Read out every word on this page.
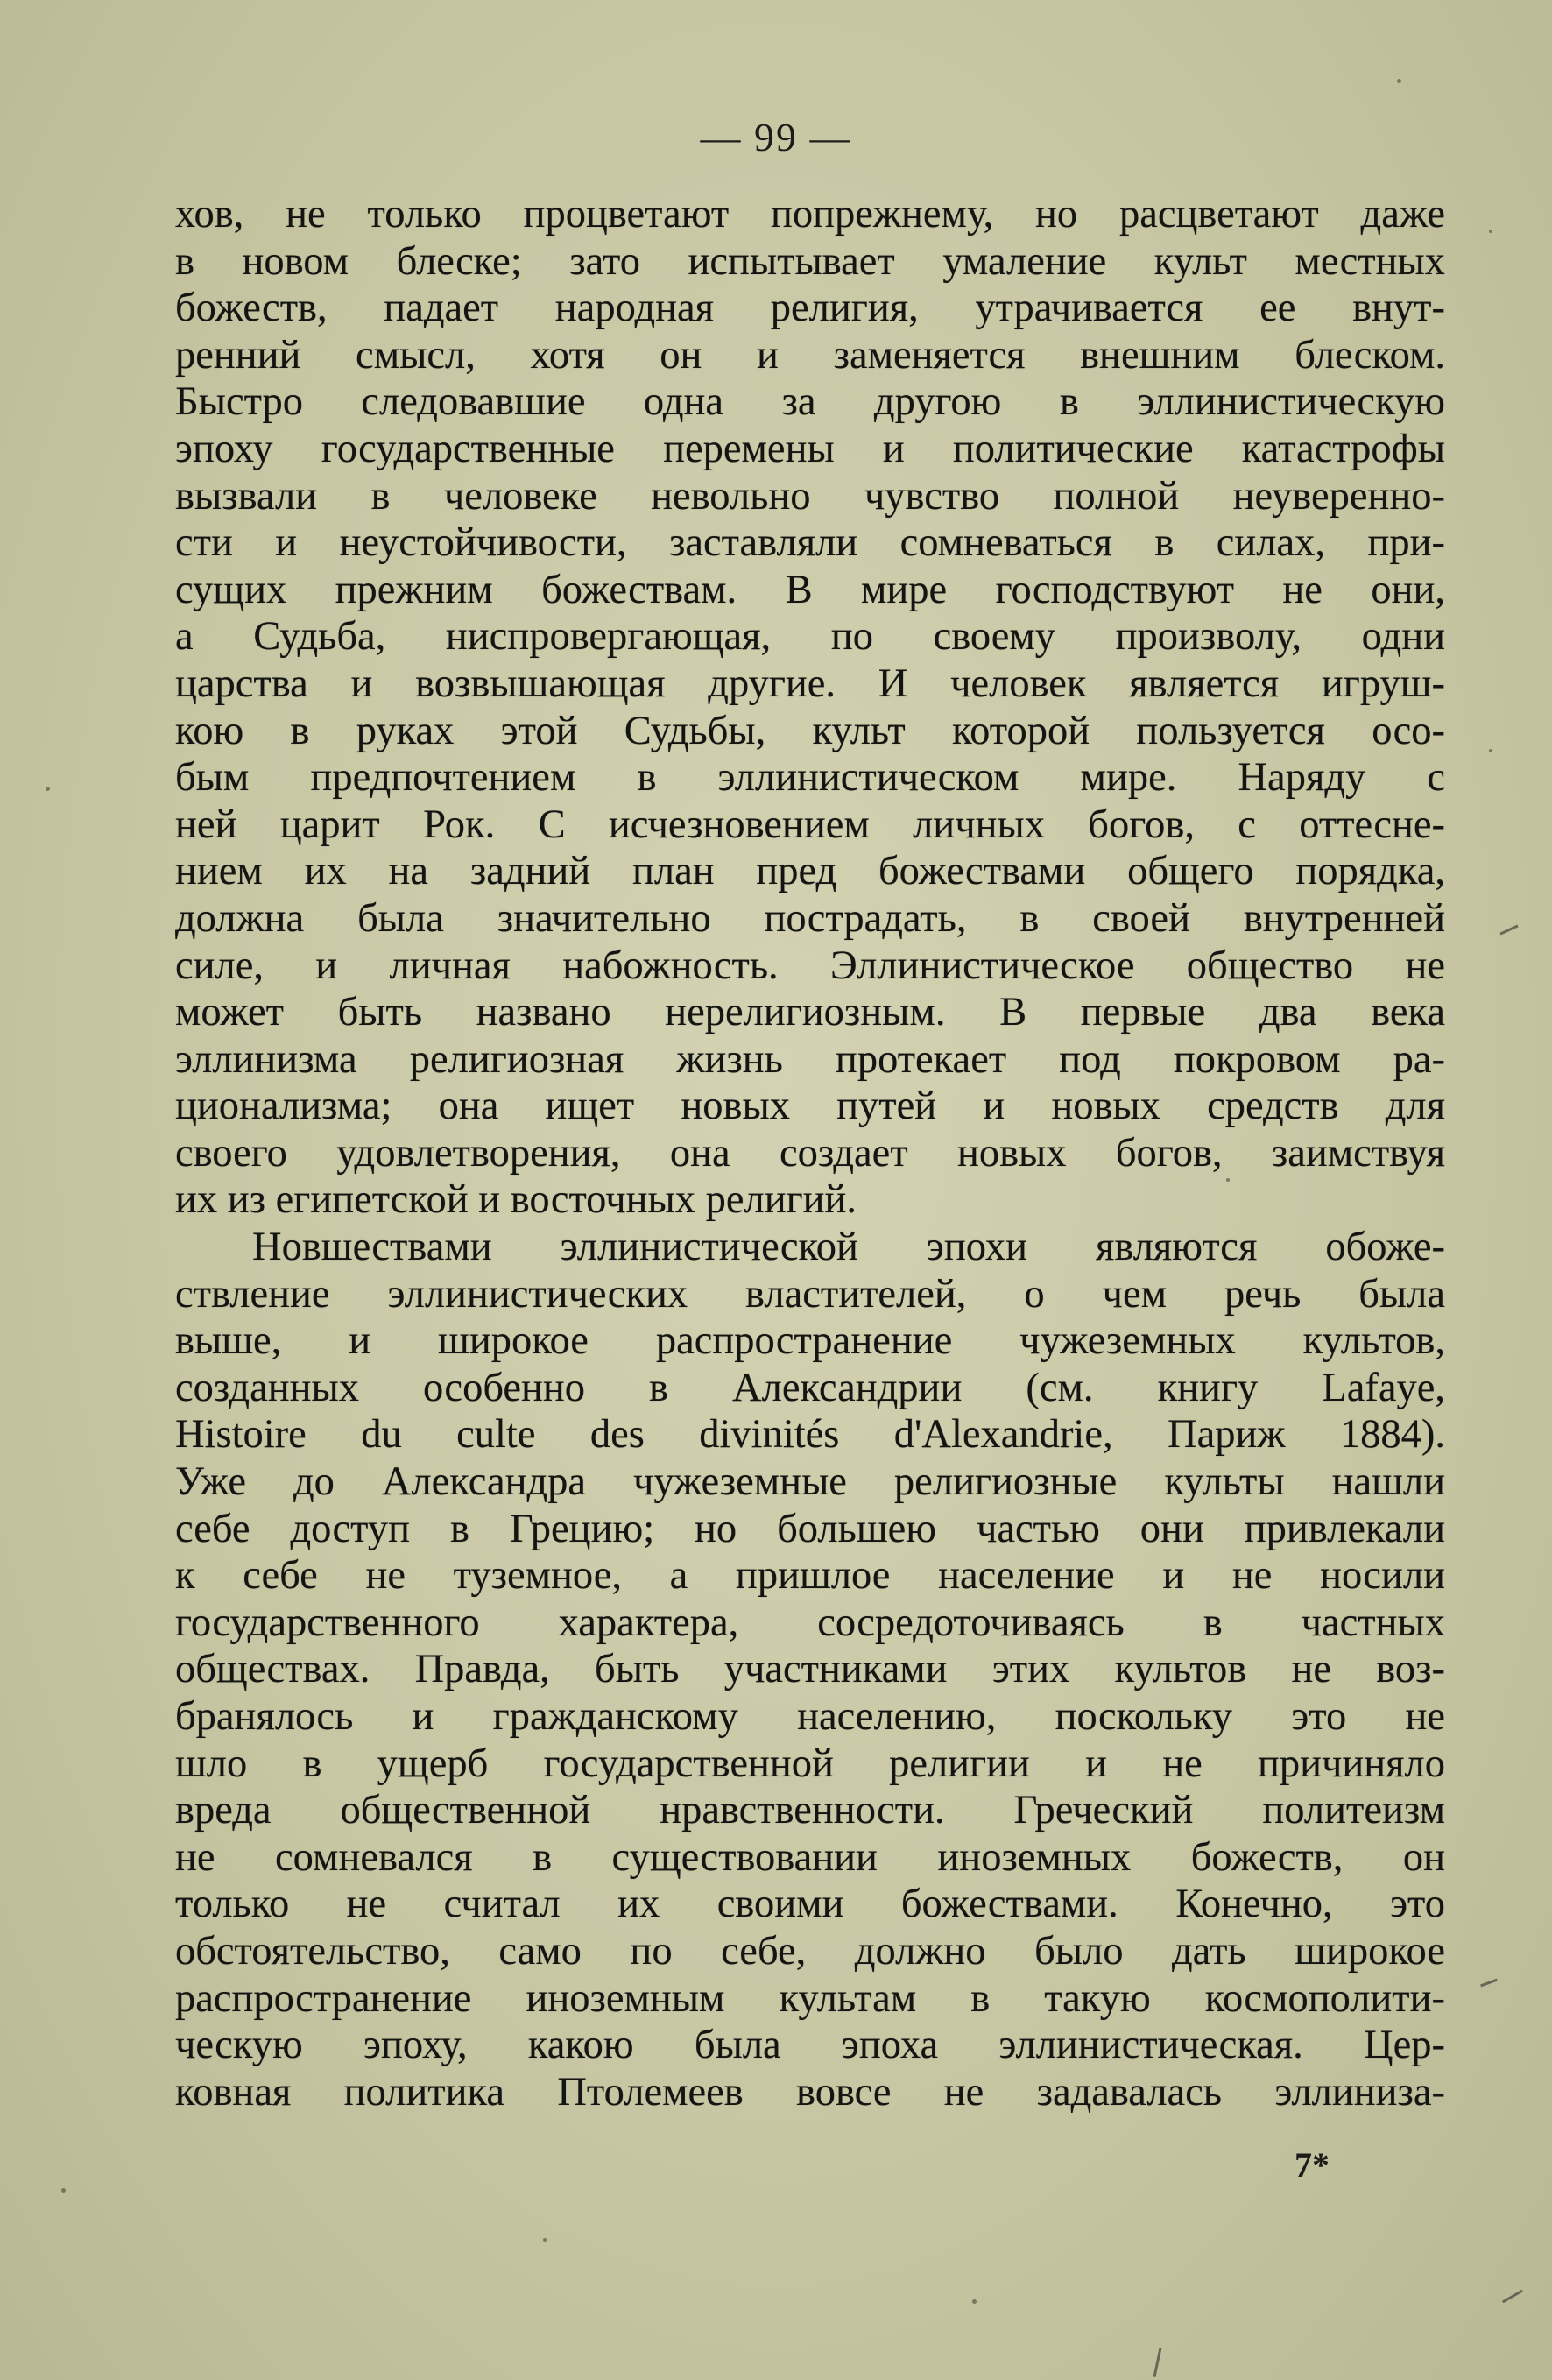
— 99 —
хов, не только процветают попрежнему, но расцветают даже
в новом блеске; зато испытывает умаление культ местных
божеств, падает народная религия, утрачивается ее внут-
ренний смысл, хотя он и заменяется внешним блеском.
Быстро следовавшие одна за другою в эллинистическую
эпоху государственные перемены и политические катастрофы
вызвали в человеке невольно чувство полной неуверенно-
сти и неустойчивости, заставляли сомневаться в силах, при-
сущих прежним божествам. В мире господствуют не они,
а Судьба, ниспровергающая, по своему произволу, одни
царства и возвышающая другие. И человек является игруш-
кою в руках этой Судьбы, культ которой пользуется осо-
бым предпочтением в эллинистическом мире. Наряду с
ней царит Рок. С исчезновением личных богов, с оттесне-
нием их на задний план пред божествами общего порядка,
должна была значительно пострадать, в своей внутренней
силе, и личная набожность. Эллинистическое общество не
может быть названо нерелигиозным. В первые два века
эллинизма религиозная жизнь протекает под покровом ра-
ционализма; она ищет новых путей и новых средств для
своего удовлетворения, она создает новых богов, заимствуя
их из египетской и восточных религий.
Новшествами эллинистической эпохи являются обоже-
ствление эллинистических властителей, о чем речь была
выше, и широкое распространение чужеземных культов,
созданных особенно в Александрии (см. книгу Lafaye,
Histoire du culte des divinités d'Alexandrie, Париж 1884).
Уже до Александра чужеземные религиозные культы нашли
себе доступ в Грецию; но большею частью они привлекали
к себе не туземное, а пришлое население и не носили
государственного характера, сосредоточиваясь в частных
обществах. Правда, быть участниками этих культов не воз-
бранялось и гражданскому населению, поскольку это не
шло в ущерб государственной религии и не причиняло
вреда общественной нравственности. Греческий политеизм
не сомневался в существовании иноземных божеств, он
только не считал их своими божествами. Конечно, это
обстоятельство, само по себе, должно было дать широкое
распространение иноземным культам в такую космополити-
ческую эпоху, какою была эпоха эллинистическая. Цер-
ковная политика Птолемеев вовсе не задавалась эллиниза-
7*
